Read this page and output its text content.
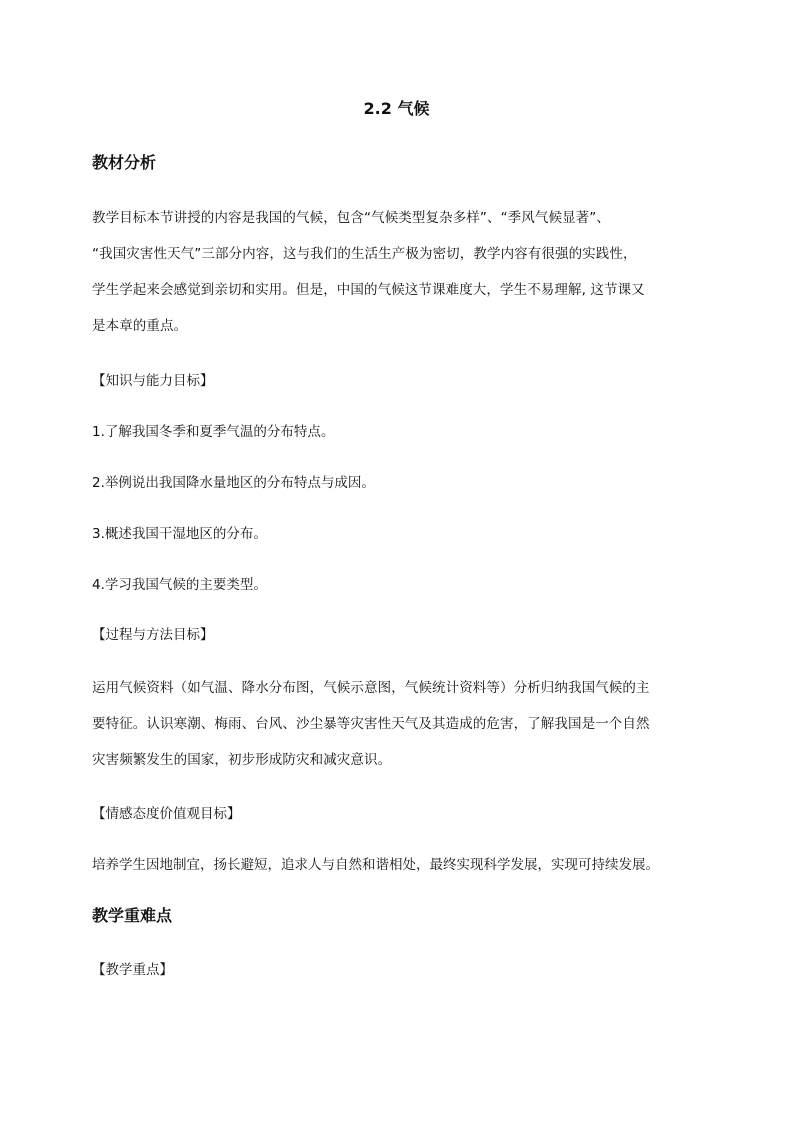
2.2 气候
教材分析

教学目标本节讲授的内容是我国的气候，包含“气候类型复杂多样”、“季风气候显著”、

“我国灾害性天气”三部分内容，这与我们的生活生产极为密切，教学内容有很强的实践性，

学生学起来会感觉到亲切和实用。但是，中国的气候这节课难度大，学生不易理解, 这节课又

是本章的重点。

【知识与能力目标】
1.了解我国冬季和夏季气温的分布特点。
2.举例说出我国降水量地区的分布特点与成因。
3.概述我国干湿地区的分布。
4.学习我国气候的主要类型。
【过程与方法目标】

运用气候资料（如气温、降水分布图，气候示意图，气候统计资料等）分析归纳我国气候的主

要特征。认识寒潮、梅雨、台风、沙尘暴等灾害性天气及其造成的危害，了解我国是一个自然

灾害频繁发生的国家，初步形成防灾和减灾意识。

【情感态度价值观目标】
培养学生因地制宜，扬长避短，追求人与自然和谐相处，最终实现科学发展，实现可持续发展。
教学重难点
【教学重点】
